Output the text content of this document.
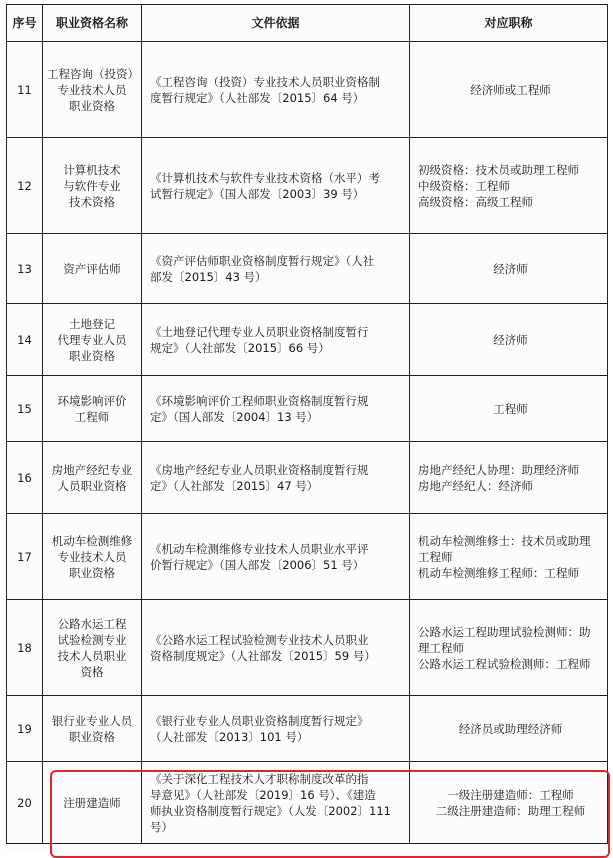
序号	职业资格名称	文件依据	对应职称
11	工程咨询（投资）
专业技术人员
职业资格	《工程咨询（投资）专业技术人员职业资格制
度暂行规定》（人社部发〔2015〕64 号）	经济师或工程师

12	计算机技术
与软件专业
技术资格	《计算机技术与软件专业技术资格（水平）考
试暂行规定》（国人部发〔2003〕39 号）	初级资格：技术员或助理工程师
中级资格：工程师
高级资格：高级工程师

13	资产评估师	《资产评估师职业资格制度暂行规定》（人社
部发〔2015〕43 号）	经济师

14	土地登记
代理专业人员
职业资格	《土地登记代理专业人员职业资格制度暂行
规定》（人社部发〔2015〕66 号）	经济师

15	环境影响评价
工程师	《环境影响评价工程师职业资格制度暂行规
定》（国人部发〔2004〕13 号）	工程师

16	房地产经纪专业
人员职业资格	《房地产经纪专业人员职业资格制度暂行规
定》（人社部发〔2015〕47 号）	房地产经纪人协理：助理经济师
房地产经纪人：经济师

17	机动车检测维修
专业技术人员
职业资格	《机动车检测维修专业技术人员职业水平评
价暂行规定》（国人部发〔2006〕51 号）	机动车检测维修士：技术员或助理
工程师
机动车检测维修工程师：工程师

18	公路水运工程
试验检测专业
技术人员职业
资格	《公路水运工程试验检测专业技术人员职业
资格制度规定》（人社部发〔2015〕59 号）	公路水运工程助理试验检测师：助
理工程师
公路水运工程试验检测师：工程师

19	银行业专业人员
职业资格	《银行业专业人员职业资格制度暂行规定》
（人社部发〔2013〕101 号）	经济员或助理经济师

20	注册建造师	《关于深化工程技术人才职称制度改革的指
导意见》（人社部发〔2019〕16 号）、《建造
师执业资格制度暂行规定》（人发〔2002〕111
号）	一级注册建造师：工程师
二级注册建造师：助理工程师
